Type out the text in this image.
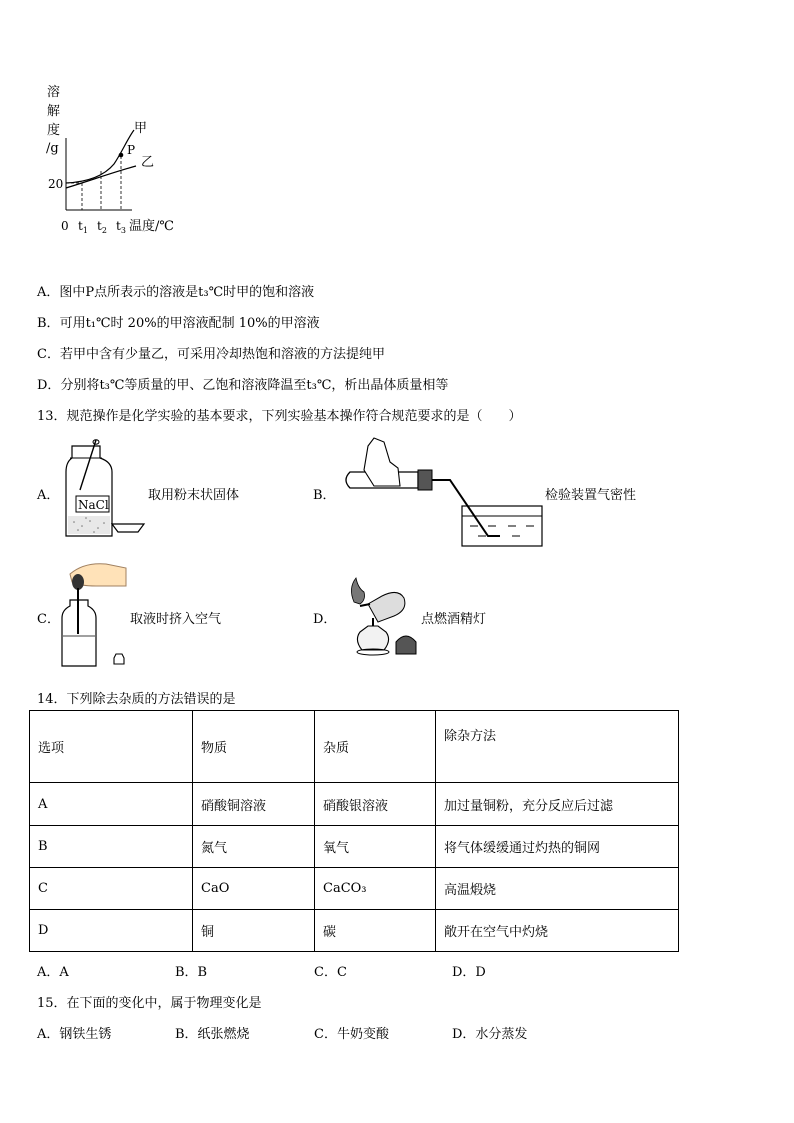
溶
解
度
/g
20
P
甲
乙
0 $t_1$ $t_2$ $t_3$ 温度/℃
A．图中P点所表示的溶液是t₃℃时甲的饱和溶液
B．可用t₁℃时 20%的甲溶液配制 10%的甲溶液
C．若甲中含有少量乙，可采用冷却热饱和溶液的方法提纯甲
D．分别将t₃℃等质量的甲、乙饱和溶液降温至t₃℃，析出晶体质量相等
13．规范操作是化学实验的基本要求，下列实验基本操作符合规范要求的是（　　）
A．
NaCl
取用粉末状固体	B．	检验装置气密性
C．	取液时挤入空气	D．	点燃酒精灯
14．下列除去杂质的方法错误的是
选项	物质	杂质	除杂方法
A	硝酸铜溶液	硝酸银溶液	加过量铜粉，充分反应后过滤
B	氮气	氧气	将气体缓缓通过灼热的铜网
C	CaO	CaCO₃	高温煅烧
D	铜	碳	敞开在空气中灼烧
A．A	B．B	C．C	D．D
15．在下面的变化中，属于物理变化是
A．钢铁生锈	B．纸张燃烧	C．牛奶变酸	D．水分蒸发
